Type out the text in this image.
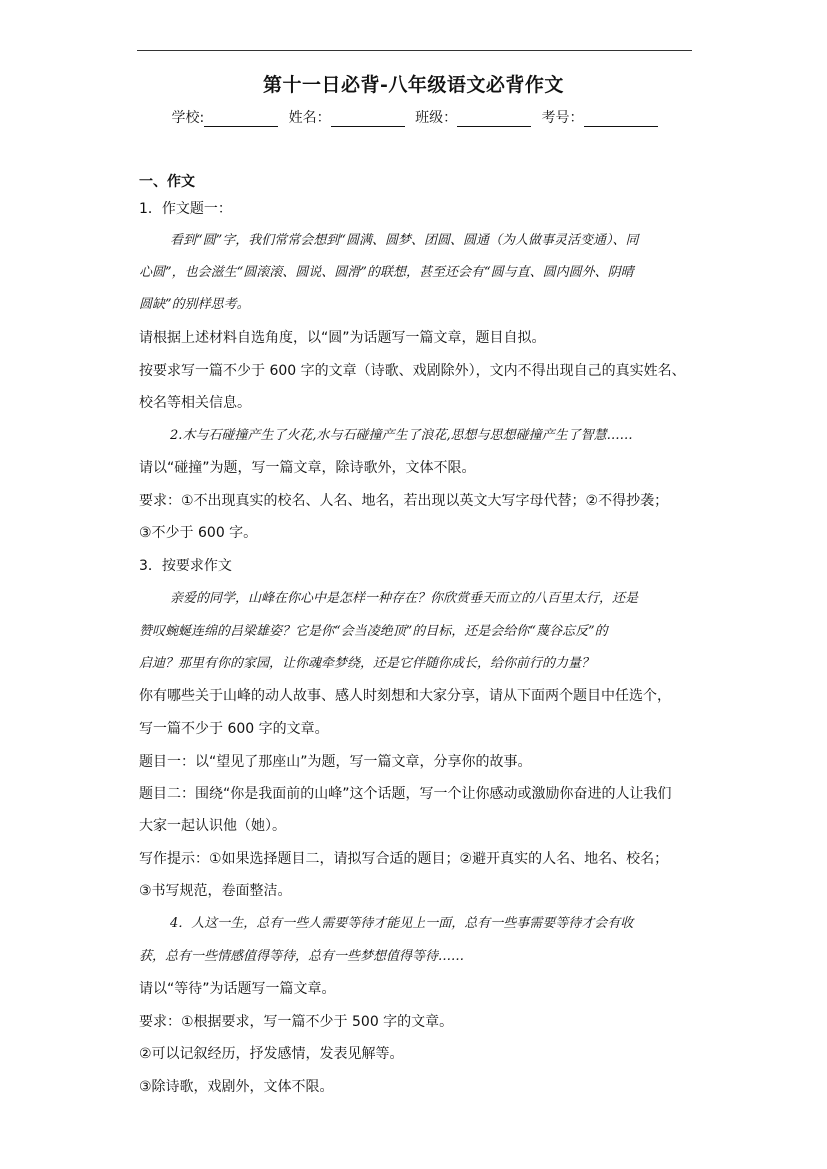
第十一日必背-八年级语文必背作文
学校:	姓名：	班级：	考号：
一、作文
1．作文题一：
看到“圆”字，我们常常会想到“圆满、圆梦、团圆、圆通（为人做事灵活变通）、同
心圆”，也会滋生“圆滚滚、圆说、圆滑”的联想，甚至还会有“圆与直、圆内圆外、阴晴
圆缺”的别样思考。
请根据上述材料自选角度，以“圆”为话题写一篇文章，题目自拟。
按要求写一篇不少于 600 字的文章（诗歌、戏剧除外），文内不得出现自己的真实姓名、
校名等相关信息。
2.木与石碰撞产生了火花,水与石碰撞产生了浪花,思想与思想碰撞产生了智慧……
请以“碰撞”为题，写一篇文章，除诗歌外，文体不限。
要求：①不出现真实的校名、人名、地名，若出现以英文大写字母代替；②不得抄袭；
③不少于 600 字。
3．按要求作文
亲爱的同学，山峰在你心中是怎样一种存在？你欣赏垂天而立的八百里太行，还是
赞叹蜿蜒连绵的吕梁雄姿？它是你“会当凌绝顶”的目标，还是会给你“蔑谷忘反”的
启迪？那里有你的家园，让你魂牵梦绕，还是它伴随你成长，给你前行的力量？
你有哪些关于山峰的动人故事、感人时刻想和大家分享，请从下面两个题目中任选个，
写一篇不少于 600 字的文章。
题目一：以“望见了那座山”为题，写一篇文章，分享你的故事。
题目二：围绕“你是我面前的山峰”这个话题，写一个让你感动或激励你奋进的人让我们
大家一起认识他（她）。
写作提示：①如果选择题目二，请拟写合适的题目；②避开真实的人名、地名、校名；
③书写规范，卷面整洁。
4．人这一生，总有一些人需要等待才能见上一面，总有一些事需要等待才会有收
获，总有一些情感值得等待，总有一些梦想值得等待……
请以“等待”为话题写一篇文章。
要求：①根据要求，写一篇不少于 500 字的文章。
②可以记叙经历，抒发感情，发表见解等。
③除诗歌，戏剧外，文体不限。
